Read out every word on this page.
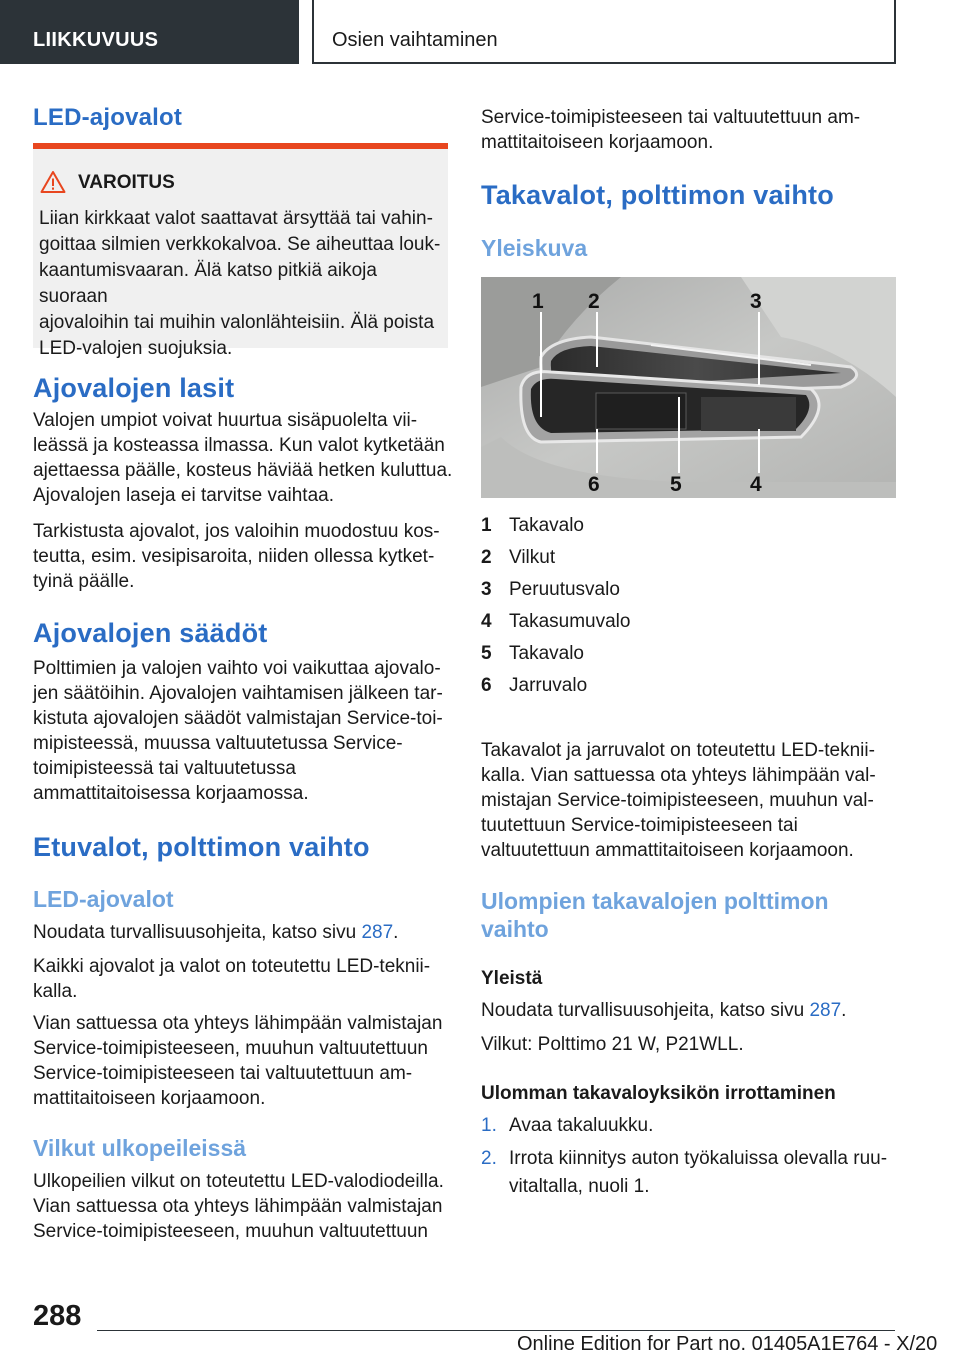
LIIKKUVUUS	Osien vaihtaminen
LED-ajovalot
VAROITUS
Liian kirkkaat valot saattavat ärsyttää tai vahin-
goittaa silmien verkkokalvoa. Se aiheuttaa louk-
kaantumisvaaran. Älä katso pitkiä aikoja suoraan
ajovaloihin tai muihin valonlähteisiin. Älä poista
LED-valojen suojuksia.
Ajovalojen lasit
Valojen umpiot voivat huurtua sisäpuolelta vii-
leässä ja kosteassa ilmassa. Kun valot kytketään
ajettaessa päälle, kosteus häviää hetken kuluttua.
Ajovalojen laseja ei tarvitse vaihtaa.
Tarkistusta ajovalot, jos valoihin muodostuu kos-
teutta, esim. vesipisaroita, niiden ollessa kytket-
tyinä päälle.
Ajovalojen säädöt
Polttimien ja valojen vaihto voi vaikuttaa ajovalo-
jen säätöihin. Ajovalojen vaihtamisen jälkeen tar-
kistuta ajovalojen säädöt valmistajan Service-toi-
mipisteessä, muussa valtuutetussa Service-
toimipisteessä tai valtuutetussa
ammattitaitoisessa korjaamossa.
Etuvalot, polttimon vaihto
LED-ajovalot
Noudata turvallisuusohjeita, katso sivu 287.
Kaikki ajovalot ja valot on toteutettu LED-teknii-
kalla.
Vian sattuessa ota yhteys lähimpään valmistajan
Service-toimipisteeseen, muuhun valtuutettuun
Service-toimipisteeseen tai valtuutettuun am-
mattitaitoiseen korjaamoon.
Vilkut ulkopeileissä
Ulkopeilien vilkut on toteutettu LED-valodiodeilla.
Vian sattuessa ota yhteys lähimpään valmistajan
Service-toimipisteeseen, muuhun valtuutettuun
Service-toimipisteeseen tai valtuutettuun am-
mattitaitoiseen korjaamoon.
Takavalot, polttimon vaihto
Yleiskuva
1 2	3
4
5
6
1 Takavalo
2 Vilkut
3 Peruutusvalo
4 Takasumuvalo
5 Takavalo
6 Jarruvalo
Takavalot ja jarruvalot on toteutettu LED-teknii-
kalla. Vian sattuessa ota yhteys lähimpään val-
mistajan Service-toimipisteeseen, muuhun val-
tuutettuun Service-toimipisteeseen tai
valtuutettuun ammattitaitoiseen korjaamoon.
Ulompien takavalojen polttimon
vaihto
Yleistä
Noudata turvallisuusohjeita, katso sivu 287.
Vilkut: Polttimo 21 W, P21WLL.
Ulomman takavaloyksikön irrottaminen
1. Avaa takaluukku.
2. Irrota kiinnitys auton työkaluissa olevalla ruu-
vitaltalla, nuoli 1.
288
Online Edition for Part no. 01405A1E764 - X/20
